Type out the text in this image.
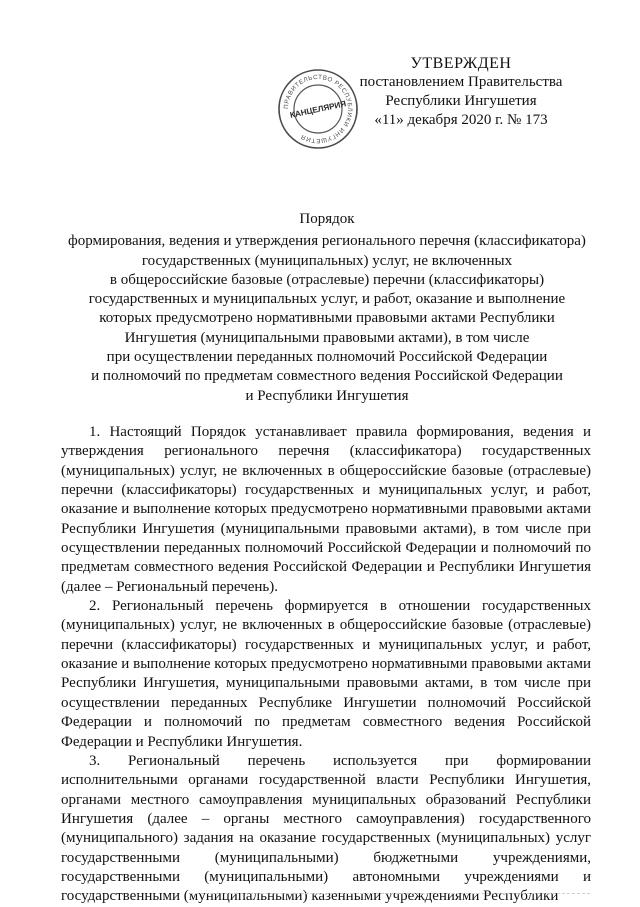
УТВЕРЖДЕН
постановлением Правительства
Республики Ингушетия
«11» декабря 2020 г. № 173
ПРАВИТЕЛЬСТВО РЕСПУБЛИКИ ИНГУШЕТИЯ
КАНЦЕЛЯРИЯ
Порядок
формирования, ведения и утверждения регионального перечня (классификатора)
государственных (муниципальных) услуг, не включенных
в общероссийские базовые (отраслевые) перечни (классификаторы)
государственных и муниципальных услуг, и работ, оказание и выполнение
которых предусмотрено нормативными правовыми актами Республики
Ингушетия (муниципальными правовыми актами), в том числе
при осуществлении переданных полномочий Российской Федерации
и полномочий по предметам совместного ведения Российской Федерации
и Республики Ингушетия

1. Настоящий Порядок устанавливает правила формирования, ведения и утверждения регионального перечня (классификатора) государственных (муниципальных) услуг, не включенных в общероссийские базовые (отраслевые) перечни (классификаторы) государственных и муниципальных услуг, и работ, оказание и выполнение которых предусмотрено нормативными правовыми актами Республики Ингушетия (муниципальными правовыми актами), в том числе при осуществлении переданных полномочий Российской Федерации и полномочий по предметам совместного ведения Российской Федерации и Республики Ингушетия (далее – Региональный перечень).

2. Региональный перечень формируется в отношении государственных (муниципальных) услуг, не включенных в общероссийские базовые (отраслевые) перечни (классификаторы) государственных и муниципальных услуг, и работ, оказание и выполнение которых предусмотрено нормативными правовыми актами Республики Ингушетия, муниципальными правовыми актами, в том числе при осуществлении переданных Республике Ингушетии полномочий Российской Федерации и полномочий по предметам совместного ведения Российской Федерации и Республики Ингушетия.

3. Региональный перечень используется при формировании исполнительными органами государственной власти Республики Ингушетия, органами местного самоуправления муниципальных образований Республики Ингушетия (далее – органы местного самоуправления) государственного (муниципального) задания на оказание государственных (муниципальных) услуг государственными (муниципальными) бюджетными учреждениями, государственными (муниципальными) автономными учреждениями и государственными (муниципальными) казенными учреждениями Республики
